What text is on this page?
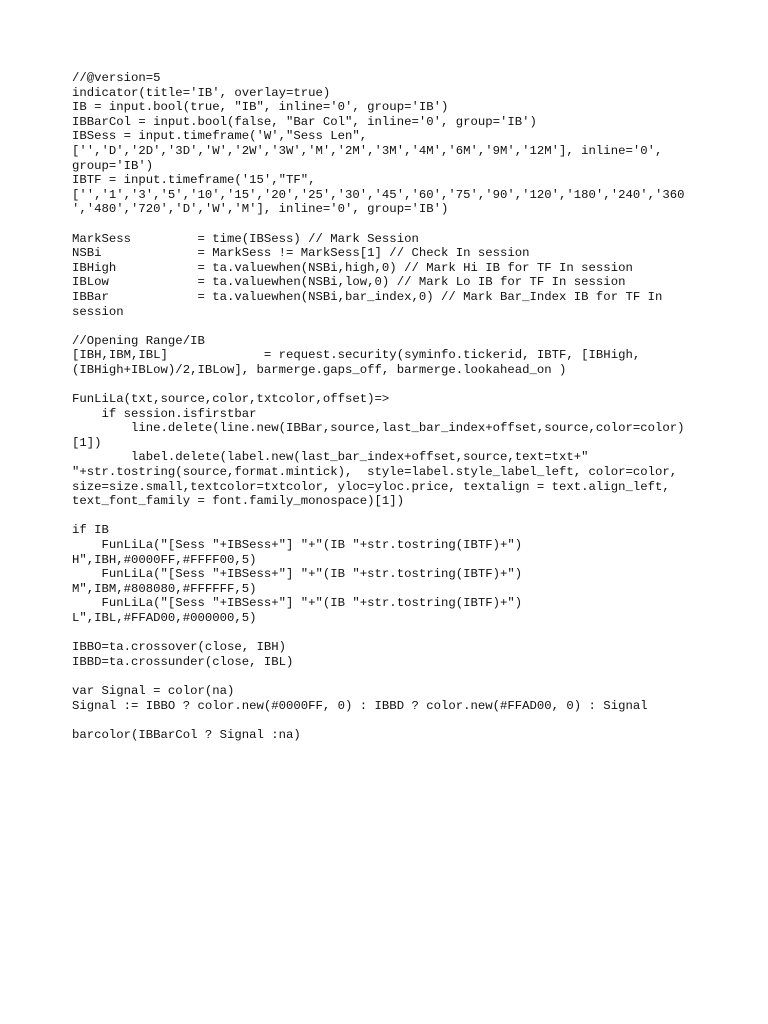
//@version=5
indicator(title='IB', overlay=true)
IB = input.bool(true, "IB", inline='0', group='IB')
IBBarCol = input.bool(false, "Bar Col", inline='0', group='IB')
IBSess = input.timeframe('W',"Sess Len",
['','D','2D','3D','W','2W','3W','M','2M','3M','4M','6M','9M','12M'], inline='0',
group='IB')
IBTF = input.timeframe('15',"TF",
['','1','3','5','10','15','20','25','30','45','60','75','90','120','180','240','360
','480','720','D','W','M'], inline='0', group='IB')
MarkSess         = time(IBSess) // Mark Session
NSBi             = MarkSess != MarkSess[1] // Check In session
IBHigh           = ta.valuewhen(NSBi,high,0) // Mark Hi IB for TF In session
IBLow            = ta.valuewhen(NSBi,low,0) // Mark Lo IB for TF In session
IBBar            = ta.valuewhen(NSBi,bar_index,0) // Mark Bar_Index IB for TF In
session
//Opening Range/IB
[IBH,IBM,IBL]             = request.security(syminfo.tickerid, IBTF, [IBHigh,
(IBHigh+IBLow)/2,IBLow], barmerge.gaps_off, barmerge.lookahead_on )
FunLiLa(txt,source,color,txtcolor,offset)=>
if session.isfirstbar
line.delete(line.new(IBBar,source,last_bar_index+offset,source,color=color)
[1])
label.delete(label.new(last_bar_index+offset,source,text=txt+"
"+str.tostring(source,format.mintick),  style=label.style_label_left, color=color,
size=size.small,textcolor=txtcolor, yloc=yloc.price, textalign = text.align_left,
text_font_family = font.family_monospace)[1])
if IB
FunLiLa("[Sess "+IBSess+"] "+"(IB "+str.tostring(IBTF)+")
H",IBH,#0000FF,#FFFF00,5)
FunLiLa("[Sess "+IBSess+"] "+"(IB "+str.tostring(IBTF)+")
M",IBM,#808080,#FFFFFF,5)
FunLiLa("[Sess "+IBSess+"] "+"(IB "+str.tostring(IBTF)+")
L",IBL,#FFAD00,#000000,5)
IBBO=ta.crossover(close, IBH)
IBBD=ta.crossunder(close, IBL)
var Signal = color(na)
Signal := IBBO ? color.new(#0000FF, 0) : IBBD ? color.new(#FFAD00, 0) : Signal
barcolor(IBBarCol ? Signal :na)
